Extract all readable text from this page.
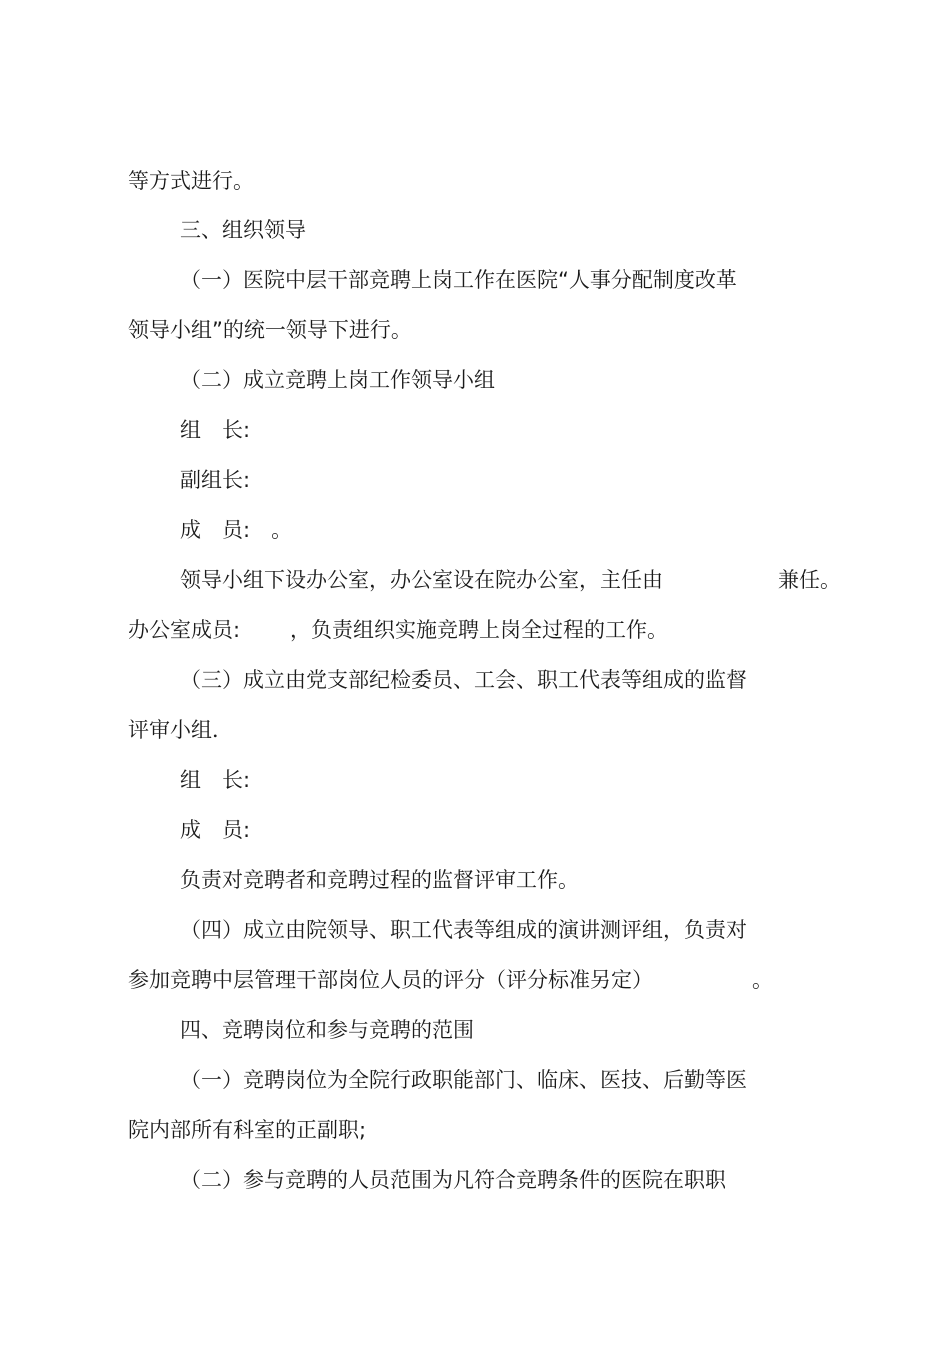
等方式进行。
三、组织领导
（一）医院中层干部竞聘上岗工作在医院“人事分配制度改革
领导小组”的统一领导下进行。
（二）成立竞聘上岗工作领导小组
组　长:
副组长:
成　员:　。
领导小组下设办公室，办公室设在院办公室，主任由	兼任。
办公室成员: ，负责组织实施竞聘上岗全过程的工作。
（三）成立由党支部纪检委员、工会、职工代表等组成的监督
评审小组．
组　长:
成　员:
负责对竞聘者和竞聘过程的监督评审工作。
（四）成立由院领导、职工代表等组成的演讲测评组，负责对
参加竞聘中层管理干部岗位人员的评分（评分标准另定）	。
四、竞聘岗位和参与竞聘的范围
（一）竞聘岗位为全院行政职能部门、临床、医技、后勤等医
院内部所有科室的正副职;
（二）参与竞聘的人员范围为凡符合竞聘条件的医院在职职
